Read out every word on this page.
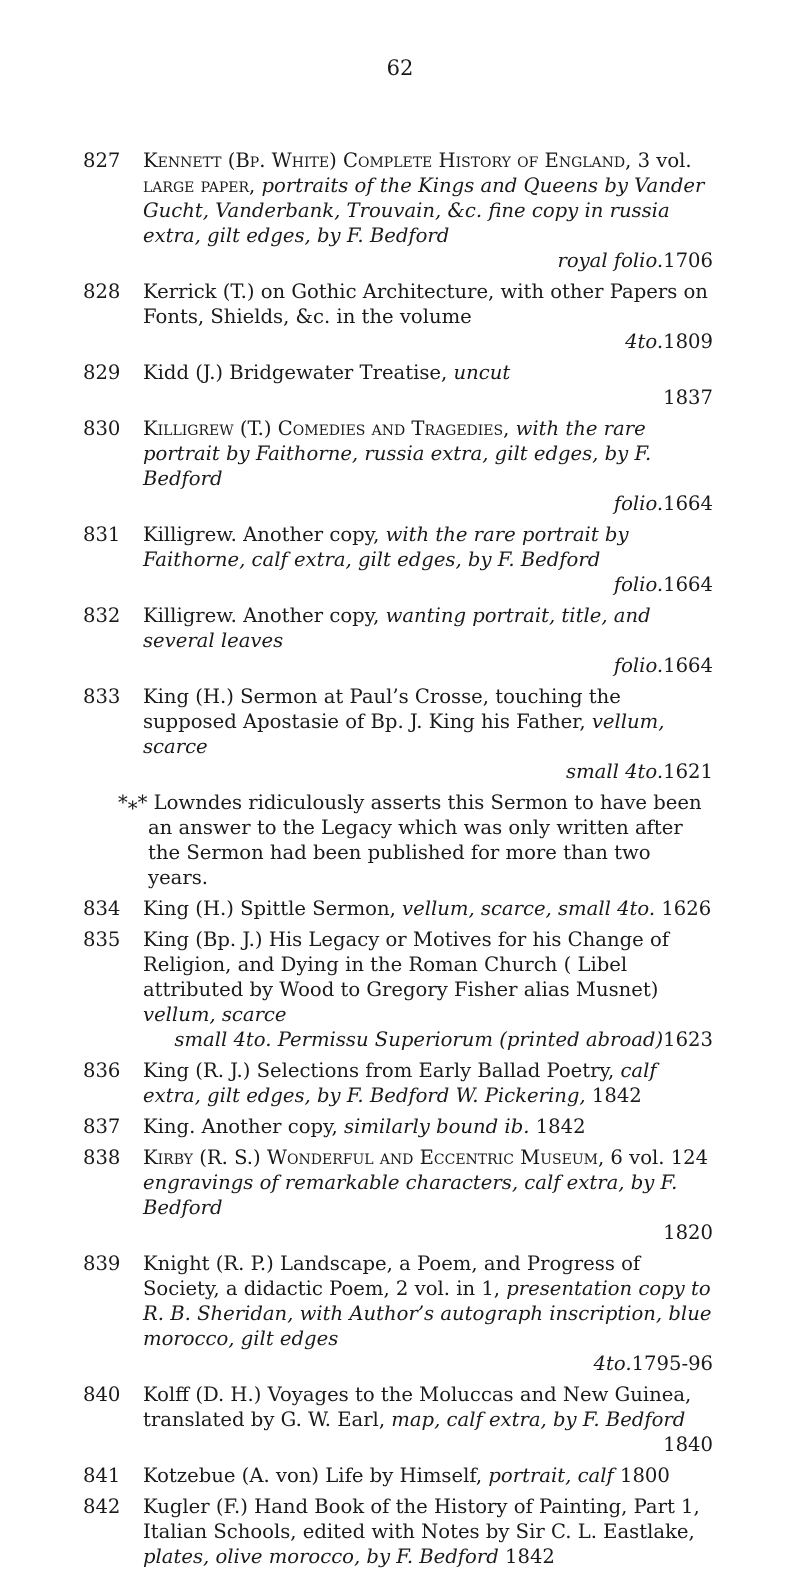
62
827 Kennett (Bp. White) Complete History of England, 3 vol. large paper, portraits of the Kings and Queens by Vander Gucht, Vanderbank, Trouvain, &c. fine copy in russia extra, gilt edges, by F. Bedford
royal folio. 1706
828 Kerrick (T.) on Gothic Architecture, with other Papers on Fonts, Shields, &c. in the volume
4to. 1809
829 Kidd (J.) Bridgewater Treatise, uncut
1837
830 Killigrew (T.) Comedies and Tragedies, with the rare portrait by Faithorne, russia extra, gilt edges, by F. Bedford
folio. 1664
831 Killigrew. Another copy, with the rare portrait by Faithorne, calf extra, gilt edges, by F. Bedford
folio. 1664
832 Killigrew. Another copy, wanting portrait, title, and several leaves
folio. 1664
833 King (H.) Sermon at Paul’s Crosse, touching the supposed Apostasie of Bp. J. King his Father, vellum, scarce
small 4to. 1621
*⁎* Lowndes ridiculously asserts this Sermon to have been an answer to the Legacy which was only written after the Sermon had been published for more than two years.
834 King (H.) Spittle Sermon, vellum, scarce, small 4to. 1626
835 King (Bp. J.) His Legacy or Motives for his Change of Religion, and Dying in the Roman Church ( Libel attributed by Wood to Gregory Fisher alias Musnet) vellum, scarce
small 4to. Permissu Superiorum (printed abroad) 1623
836 King (R. J.) Selections from Early Ballad Poetry, calf extra, gilt edges, by F. Bedford W. Pickering, 1842
837 King. Another copy, similarly bound ib. 1842
838 Kirby (R. S.) Wonderful and Eccentric Museum, 6 vol. 124 engravings of remarkable characters, calf extra, by F. Bedford
1820
839 Knight (R. P.) Landscape, a Poem, and Progress of Society, a didactic Poem, 2 vol. in 1, presentation copy to R. B. Sheridan, with Author’s autograph inscription, blue morocco, gilt edges
4to. 1795-96
840 Kolff (D. H.) Voyages to the Moluccas and New Guinea, translated by G. W. Earl, map, calf extra, by F. Bedford
1840
841 Kotzebue (A. von) Life by Himself, portrait, calf 1800
842 Kugler (F.) Hand Book of the History of Painting, Part 1, Italian Schools, edited with Notes by Sir C. L. Eastlake, plates, olive morocco, by F. Bedford 1842
